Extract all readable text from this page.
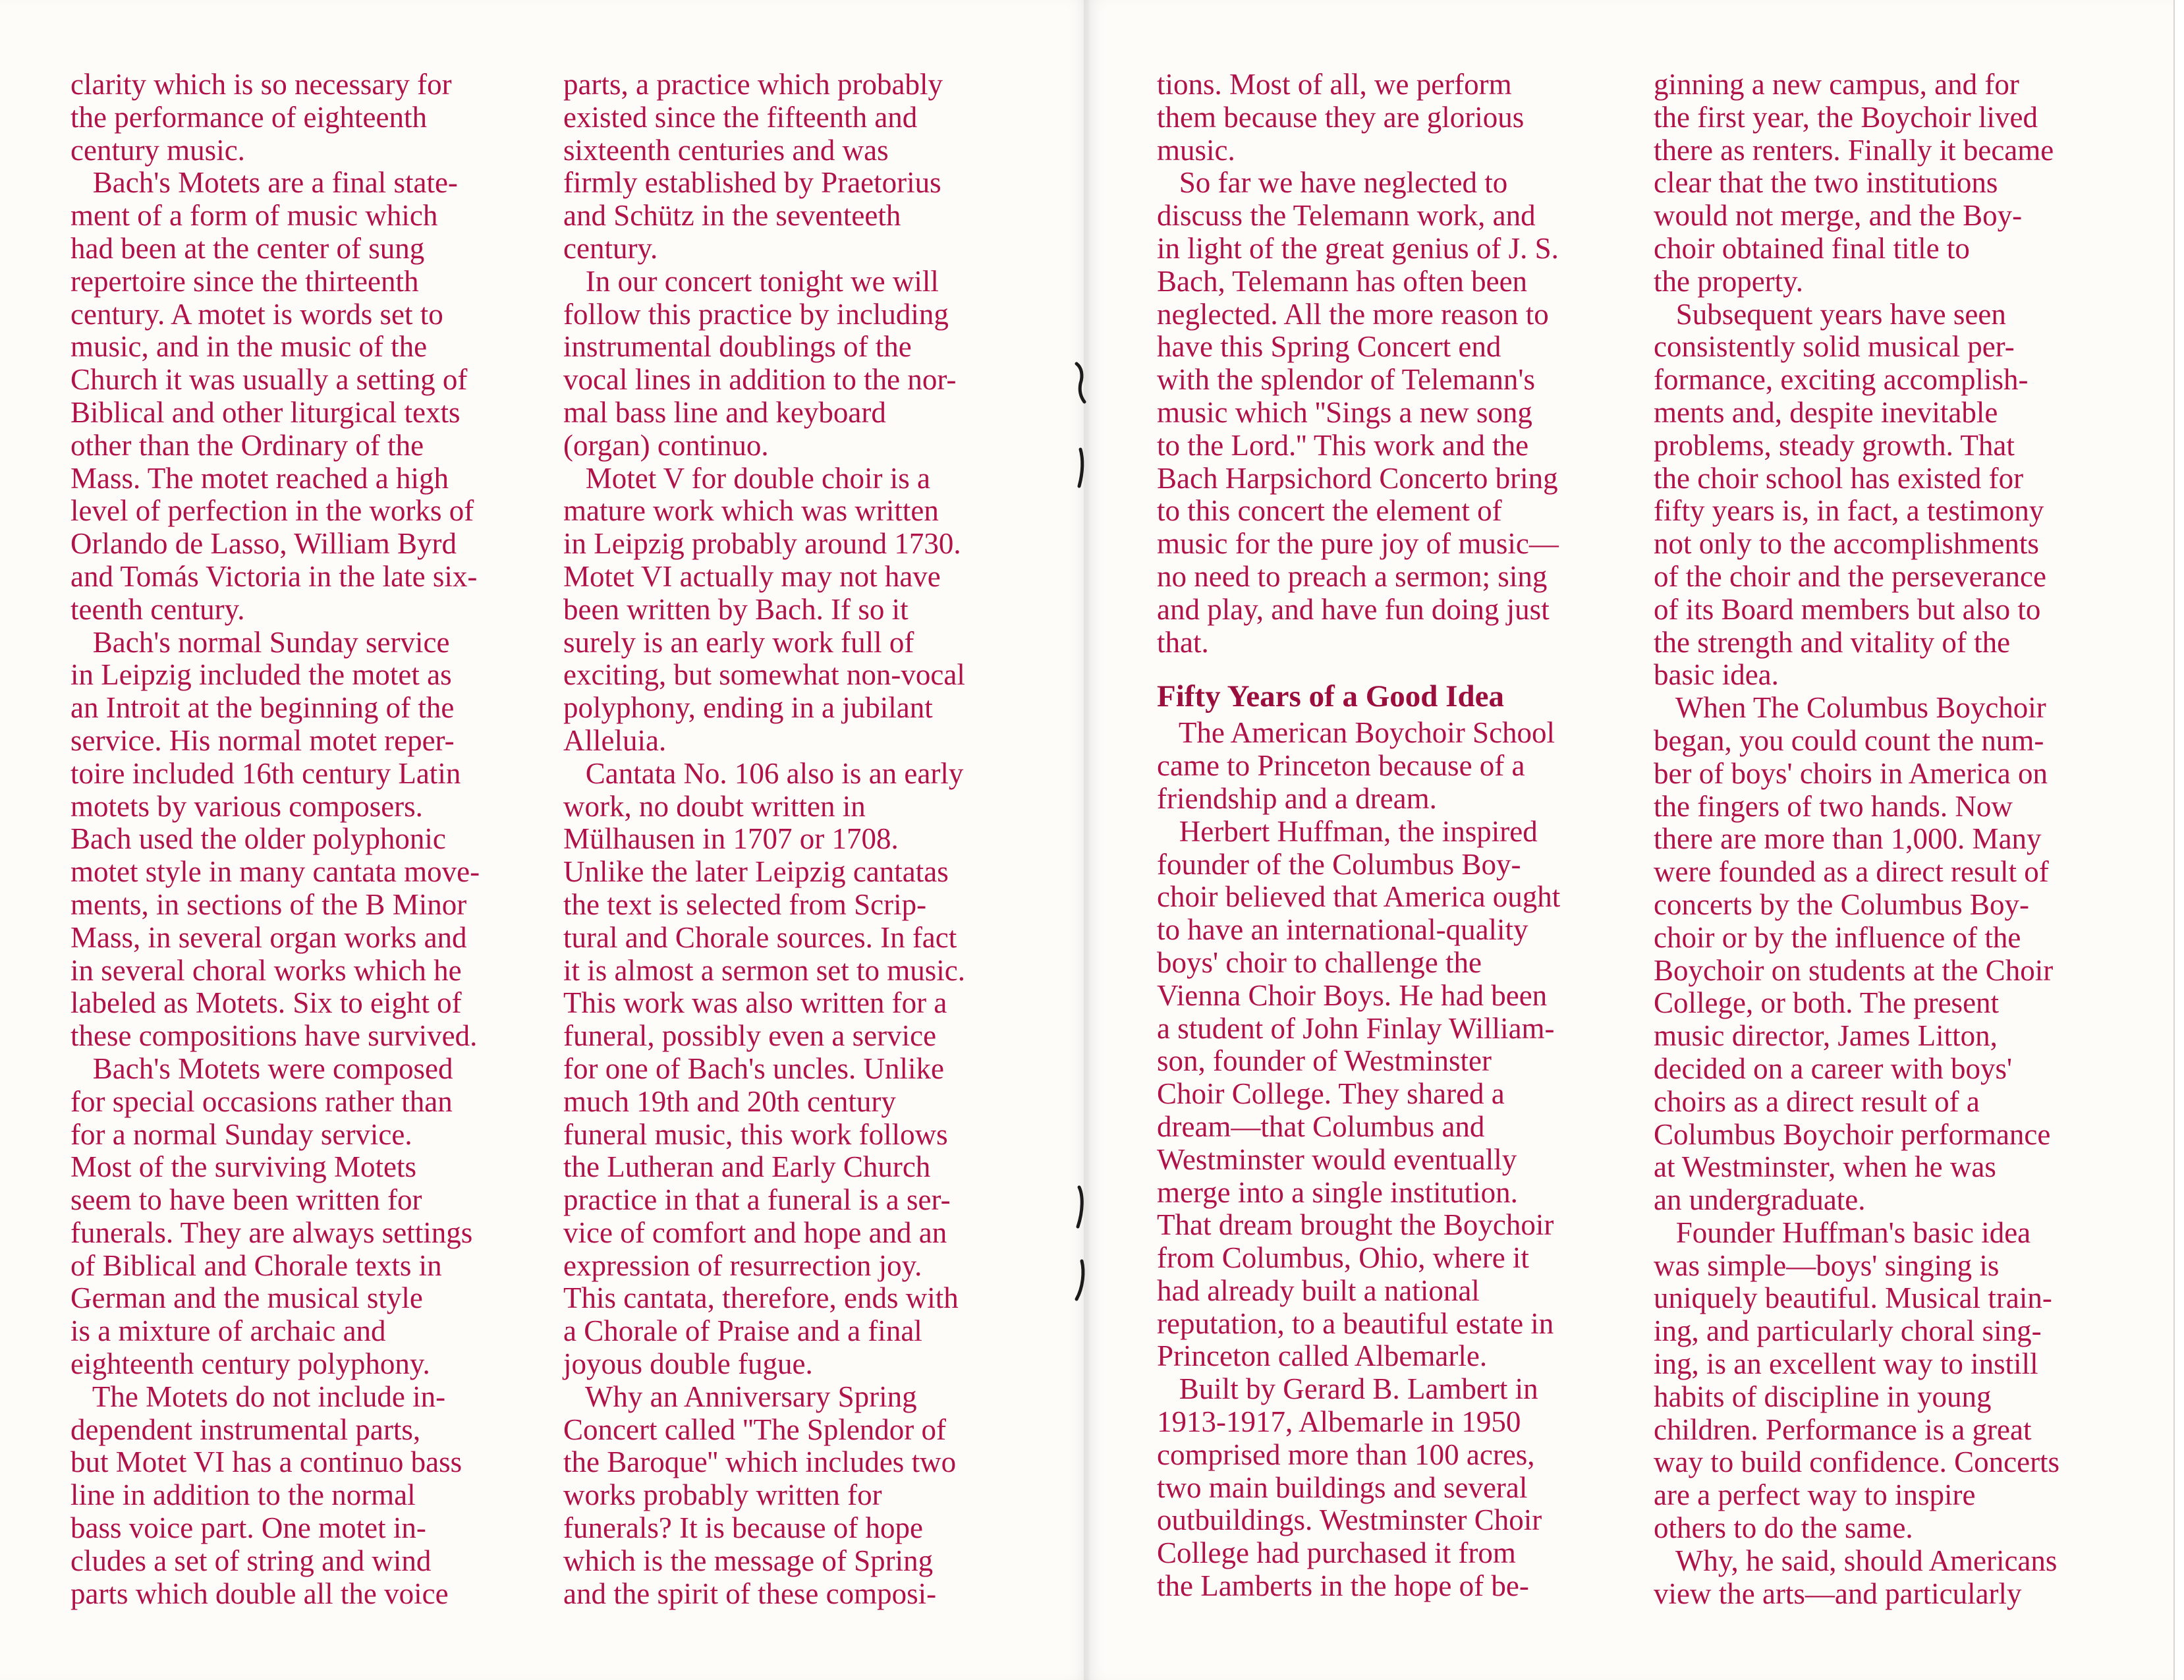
clarity which is so necessary for
the performance of eighteenth
century music.
Bach's Motets are a final state-
ment of a form of music which
had been at the center of sung
repertoire since the thirteenth
century. A motet is words set to
music, and in the music of the
Church it was usually a setting of
Biblical and other liturgical texts
other than the Ordinary of the
Mass. The motet reached a high
level of perfection in the works of
Orlando de Lasso, William Byrd
and Tomás Victoria in the late six-
teenth century.
Bach's normal Sunday service
in Leipzig included the motet as
an Introit at the beginning of the
service. His normal motet reper-
toire included 16th century Latin
motets by various composers.
Bach used the older polyphonic
motet style in many cantata move-
ments, in sections of the B Minor
Mass, in several organ works and
in several choral works which he
labeled as Motets. Six to eight of
these compositions have survived.
Bach's Motets were composed
for special occasions rather than
for a normal Sunday service.
Most of the surviving Motets
seem to have been written for
funerals. They are always settings
of Biblical and Chorale texts in
German and the musical style
is a mixture of archaic and
eighteenth century polyphony.
The Motets do not include in-
dependent instrumental parts,
but Motet VI has a continuo bass
line in addition to the normal
bass voice part. One motet in-
cludes a set of string and wind
parts which double all the voice
parts, a practice which probably
existed since the fifteenth and
sixteenth centuries and was
firmly established by Praetorius
and Schütz in the seventeeth
century.
In our concert tonight we will
follow this practice by including
instrumental doublings of the
vocal lines in addition to the nor-
mal bass line and keyboard
(organ) continuo.
Motet V for double choir is a
mature work which was written
in Leipzig probably around 1730.
Motet VI actually may not have
been written by Bach. If so it
surely is an early work full of
exciting, but somewhat non-vocal
polyphony, ending in a jubilant
Alleluia.
Cantata No. 106 also is an early
work, no doubt written in
Mülhausen in 1707 or 1708.
Unlike the later Leipzig cantatas
the text is selected from Scrip-
tural and Chorale sources. In fact
it is almost a sermon set to music.
This work was also written for a
funeral, possibly even a service
for one of Bach's uncles. Unlike
much 19th and 20th century
funeral music, this work follows
the Lutheran and Early Church
practice in that a funeral is a ser-
vice of comfort and hope and an
expression of resurrection joy.
This cantata, therefore, ends with
a Chorale of Praise and a final
joyous double fugue.
Why an Anniversary Spring
Concert called ''The Splendor of
the Baroque'' which includes two
works probably written for
funerals? It is because of hope
which is the message of Spring
and the spirit of these composi-
tions. Most of all, we perform
them because they are glorious
music.
So far we have neglected to
discuss the Telemann work, and
in light of the great genius of J. S.
Bach, Telemann has often been
neglected. All the more reason to
have this Spring Concert end
with the splendor of Telemann's
music which ''Sings a new song
to the Lord.'' This work and the
Bach Harpsichord Concerto bring
to this concert the element of
music for the pure joy of music—
no need to preach a sermon; sing
and play, and have fun doing just
that.
Fifty Years of a Good Idea
The American Boychoir School
came to Princeton because of a
friendship and a dream.
Herbert Huffman, the inspired
founder of the Columbus Boy-
choir believed that America ought
to have an international-quality
boys' choir to challenge the
Vienna Choir Boys. He had been
a student of John Finlay William-
son, founder of Westminster
Choir College. They shared a
dream—that Columbus and
Westminster would eventually
merge into a single institution.
That dream brought the Boychoir
from Columbus, Ohio, where it
had already built a national
reputation, to a beautiful estate in
Princeton called Albemarle.
Built by Gerard B. Lambert in
1913-1917, Albemarle in 1950
comprised more than 100 acres,
two main buildings and several
outbuildings. Westminster Choir
College had purchased it from
the Lamberts in the hope of be-
ginning a new campus, and for
the first year, the Boychoir lived
there as renters. Finally it became
clear that the two institutions
would not merge, and the Boy-
choir obtained final title to
the property.
Subsequent years have seen
consistently solid musical per-
formance, exciting accomplish-
ments and, despite inevitable
problems, steady growth. That
the choir school has existed for
fifty years is, in fact, a testimony
not only to the accomplishments
of the choir and the perseverance
of its Board members but also to
the strength and vitality of the
basic idea.
When The Columbus Boychoir
began, you could count the num-
ber of boys' choirs in America on
the fingers of two hands. Now
there are more than 1,000. Many
were founded as a direct result of
concerts by the Columbus Boy-
choir or by the influence of the
Boychoir on students at the Choir
College, or both. The present
music director, James Litton,
decided on a career with boys'
choirs as a direct result of a
Columbus Boychoir performance
at Westminster, when he was
an undergraduate.
Founder Huffman's basic idea
was simple—boys' singing is
uniquely beautiful. Musical train-
ing, and particularly choral sing-
ing, is an excellent way to instill
habits of discipline in young
children. Performance is a great
way to build confidence. Concerts
are a perfect way to inspire
others to do the same.
Why, he said, should Americans
view the arts—and particularly
